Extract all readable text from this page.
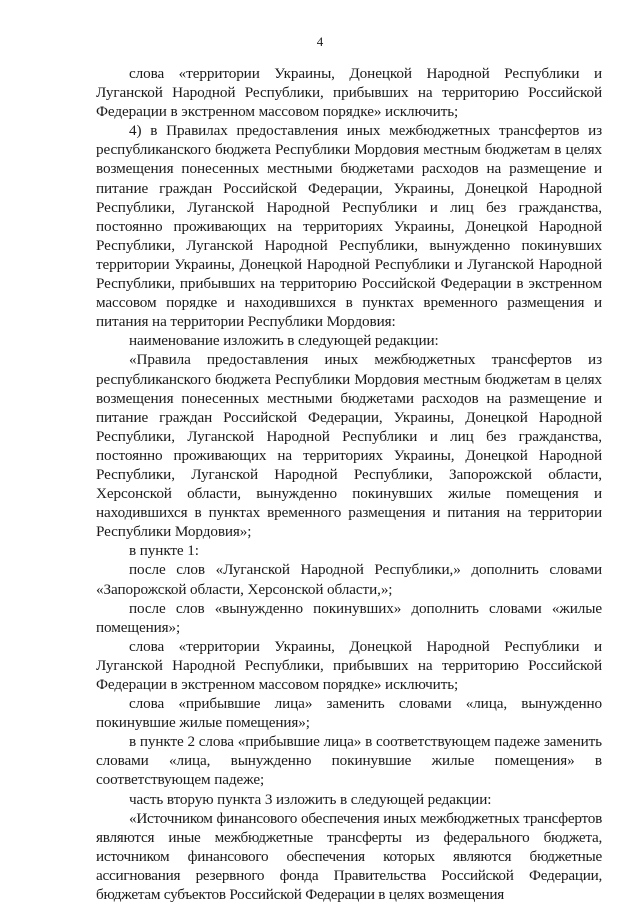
4

слова «территории Украины, Донецкой Народной Республики и Луганской Народной Республики, прибывших на территорию Российской Федерации в экстренном массовом порядке» исключить;

4) в Правилах предоставления иных межбюджетных трансфертов из республиканского бюджета Республики Мордовия местным бюджетам в целях возмещения понесенных местными бюджетами расходов на размещение и питание граждан Российской Федерации, Украины, Донецкой Народной Республики, Луганской Народной Республики и лиц без гражданства, постоянно проживающих на территориях Украины, Донецкой Народной Республики, Луганской Народной Республики, вынужденно покинувших территории Украины, Донецкой Народной Республики и Луганской Народной Республики, прибывших на территорию Российской Федерации в экстренном массовом порядке и находившихся в пунктах временного размещения и питания на территории Республики Мордовия:

наименование изложить в следующей редакции:

«Правила предоставления иных межбюджетных трансфертов из республиканского бюджета Республики Мордовия местным бюджетам в целях возмещения понесенных местными бюджетами расходов на размещение и питание граждан Российской Федерации, Украины, Донецкой Народной Республики, Луганской Народной Республики и лиц без гражданства, постоянно проживающих на территориях Украины, Донецкой Народной Республики, Луганской Народной Республики, Запорожской области, Херсонской области, вынужденно покинувших жилые помещения и находившихся в пунктах временного размещения и питания на территории Республики Мордовия»;

в пункте 1:

после слов «Луганской Народной Республики,» дополнить словами «Запорожской области, Херсонской области,»;

после слов «вынужденно покинувших» дополнить словами «жилые помещения»;

слова «территории Украины, Донецкой Народной Республики и Луганской Народной Республики, прибывших на территорию Российской Федерации в экстренном массовом порядке» исключить;

слова «прибывшие лица» заменить словами «лица, вынужденно покинувшие жилые помещения»;

в пункте 2 слова «прибывшие лица» в соответствующем падеже заменить словами «лица, вынужденно покинувшие жилые помещения» в соответствующем падеже;

часть вторую пункта 3 изложить в следующей редакции:

«Источником финансового обеспечения иных межбюджетных трансфертов являются иные межбюджетные трансферты из федерального бюджета, источником финансового обеспечения которых являются бюджетные ассигнования резервного фонда Правительства Российской Федерации, бюджетам субъектов Российской Федерации в целях возмещения
